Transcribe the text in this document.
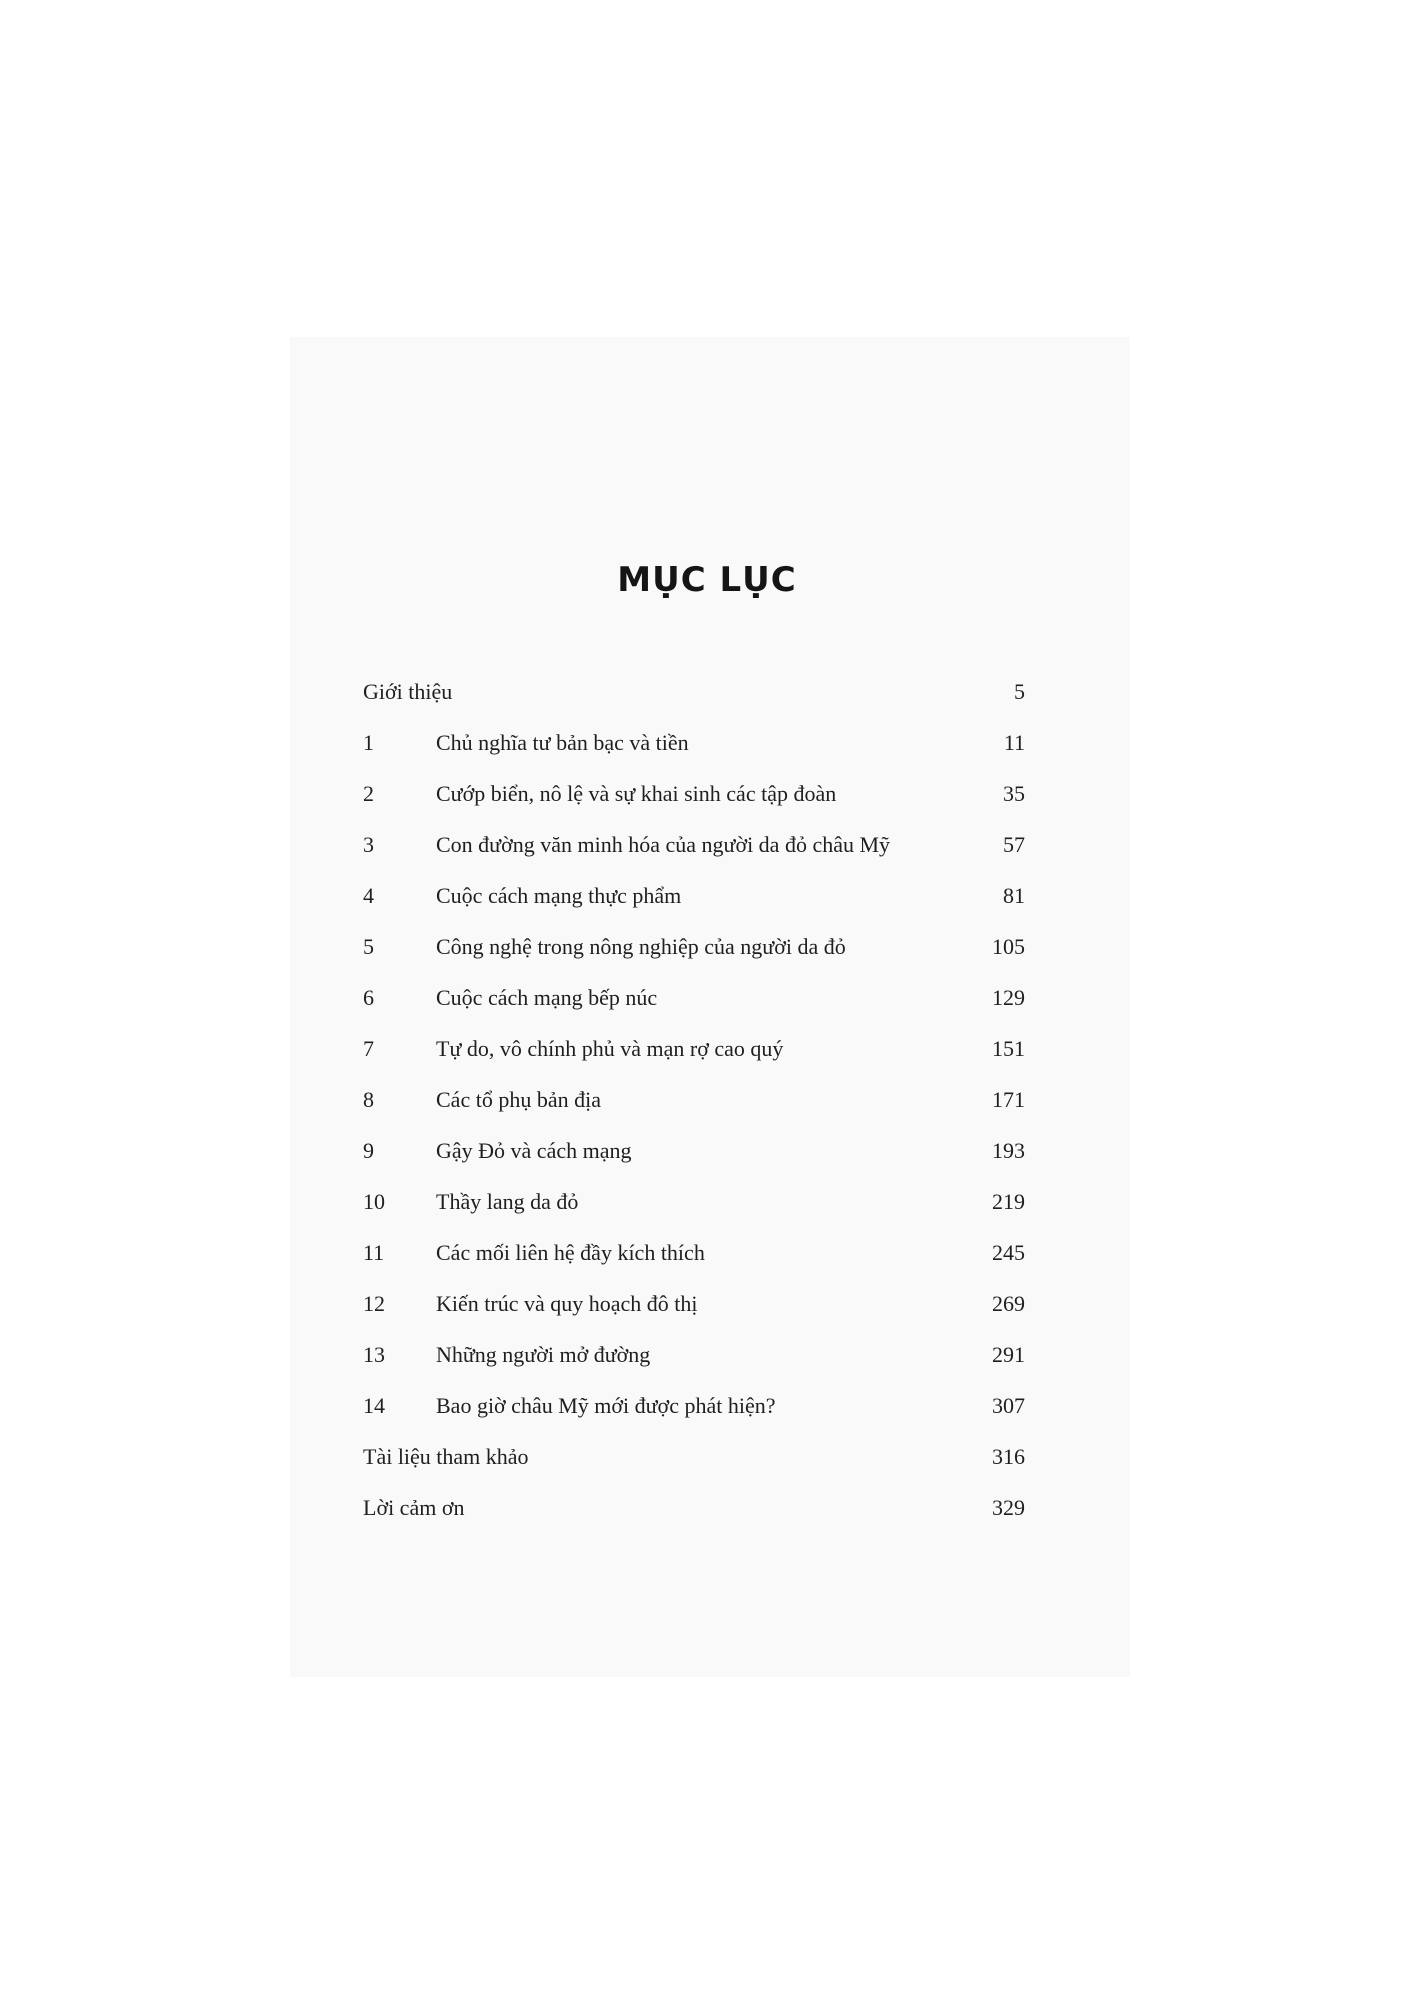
MỤC LỤC
Giới thiệu	5
1	Chủ nghĩa tư bản bạc và tiền	11
2	Cướp biển, nô lệ và sự khai sinh các tập đoàn	35
3	Con đường văn minh hóa của người da đỏ châu Mỹ	57
4	Cuộc cách mạng thực phẩm	81
5	Công nghệ trong nông nghiệp của người da đỏ	105
6	Cuộc cách mạng bếp núc	129
7	Tự do, vô chính phủ và mạn rợ cao quý	151
8	Các tổ phụ bản địa	171
9	Gậy Đỏ và cách mạng	193
10	Thầy lang da đỏ	219
11	Các mối liên hệ đầy kích thích	245
12	Kiến trúc và quy hoạch đô thị	269
13	Những người mở đường	291
14	Bao giờ châu Mỹ mới được phát hiện?	307
Tài liệu tham khảo	316
Lời cảm ơn	329
